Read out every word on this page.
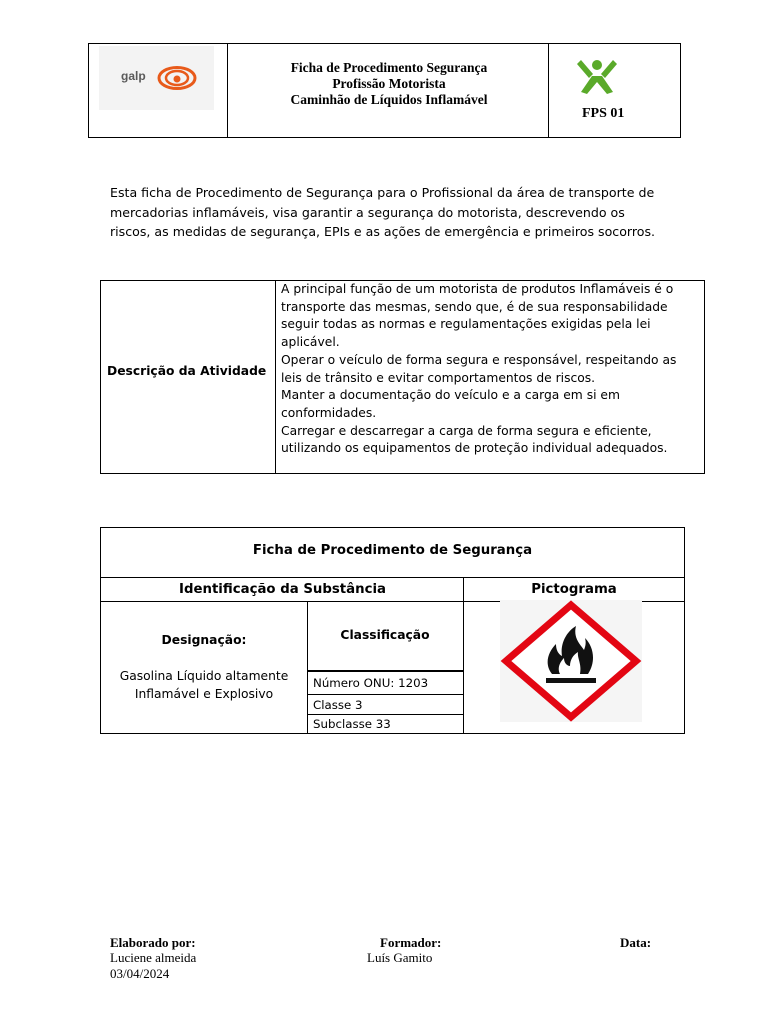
galp
Ficha de Procedimento Segurança
Profissão Motorista
Caminhão de Líquidos Inflamável
FPS 01
Esta ficha de Procedimento de Segurança para o Profissional da área de transporte de
mercadorias inflamáveis, visa garantir a segurança do motorista, descrevendo os
riscos, as medidas de segurança, EPIs e as ações de emergência e primeiros socorros.
Descrição da Atividade
A principal função de um motorista de produtos Inflamáveis é o
transporte das mesmas, sendo que, é de sua responsabilidade
seguir todas as normas e regulamentações exigidas pela lei
aplicável.
Operar o veículo de forma segura e responsável, respeitando as
leis de trânsito e evitar comportamentos de riscos.
Manter a documentação do veículo e a carga em si em
conformidades.
Carregar e descarregar a carga de forma segura e eficiente,
utilizando os equipamentos de proteção individual adequados.
Ficha de Procedimento de Segurança
Identificação da Substância	Pictograma
Designação:
Gasolina Líquido altamente
Inflamável e Explosivo
Classificação
Número ONU: 1203
Classe 3
Subclasse 33
Elaborado por:
Luciene almeida
03/04/2024
Formador:
Luís Gamito
Data:
